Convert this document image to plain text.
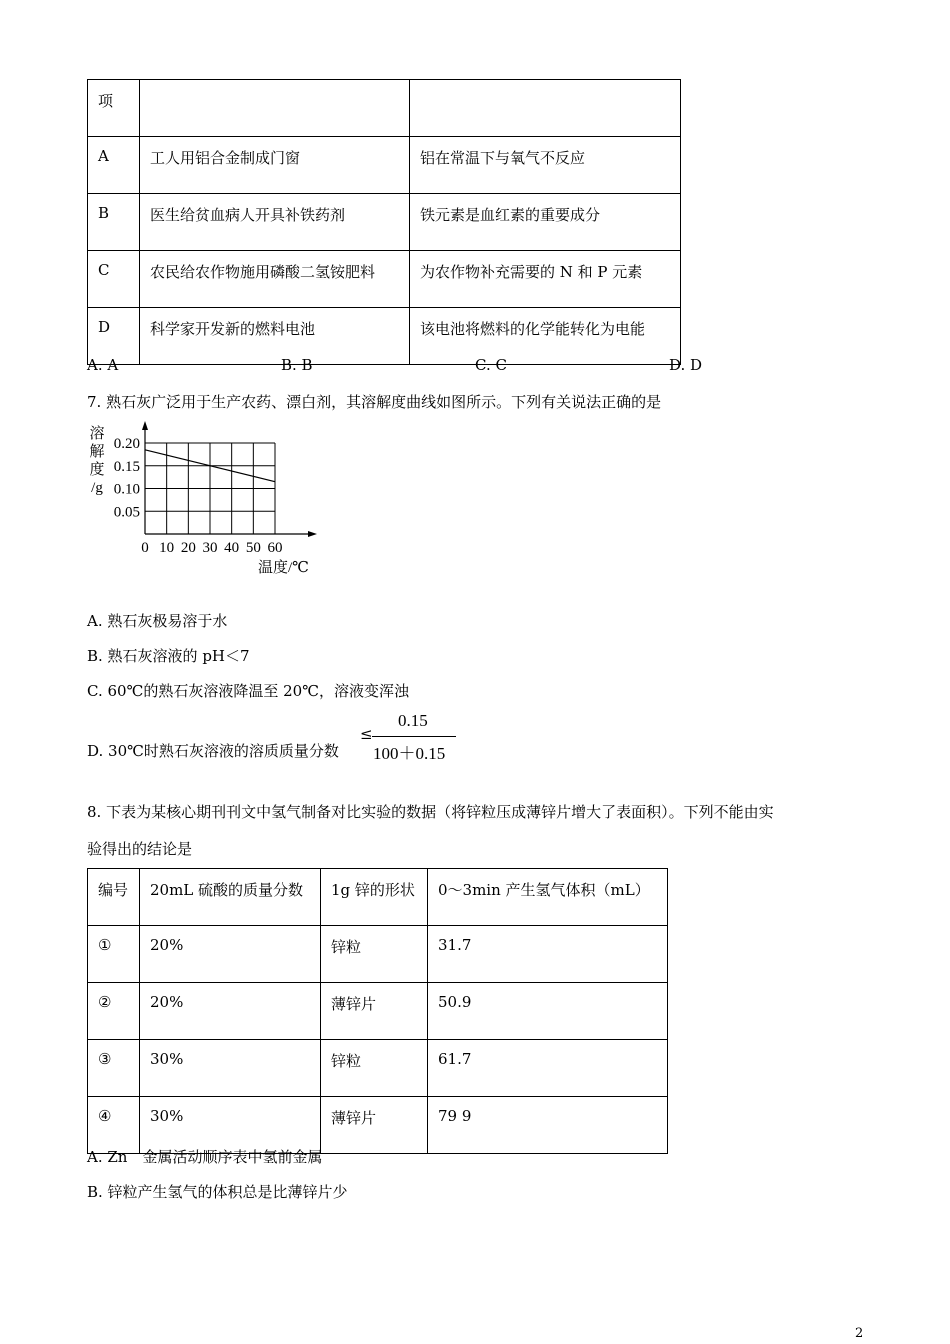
项		
A	工人用铝合金制成门窗	铝在常温下与氧气不反应
B	医生给贫血病人开具补铁药剂	铁元素是血红素的重要成分
C	农民给农作物施用磷酸二氢铵肥料	为农作物补充需要的 N 和 P 元素
D	科学家开发新的燃料电池	该电池将燃料的化学能转化为电能
A. A	B. B	C. C	D. D
7. 熟石灰广泛用于生产农药、漂白剂，其溶解度曲线如图所示。下列有关说法正确的是
0.05
0.10
0.15
0.20
0 10 20 30 40 50 60
溶
解
度
/g
温度/℃
A. 熟石灰极易溶于水
B. 熟石灰溶液的 pH＜7
C. 60℃的熟石灰溶液降温至 20℃，溶液变浑浊
D. 30℃时熟石灰溶液的溶质质量分数
≤
0.15
100＋0.15
8. 下表为某核心期刊刊文中氢气制备对比实验的数据（将锌粒压成薄锌片增大了表面积）。下列不能由实
验得出的结论是
编号	20mL 硫酸的质量分数	1g 锌的形状	0～3min 产生氢气体积（mL）
①	20%	锌粒	31.7
②	20%	薄锌片	50.9
③	30%	锌粒	61.7
④	30%	薄锌片	79 9
A. Zn　金属活动顺序表中氢前金属
B. 锌粒产生氢气的体积总是比薄锌片少
2
